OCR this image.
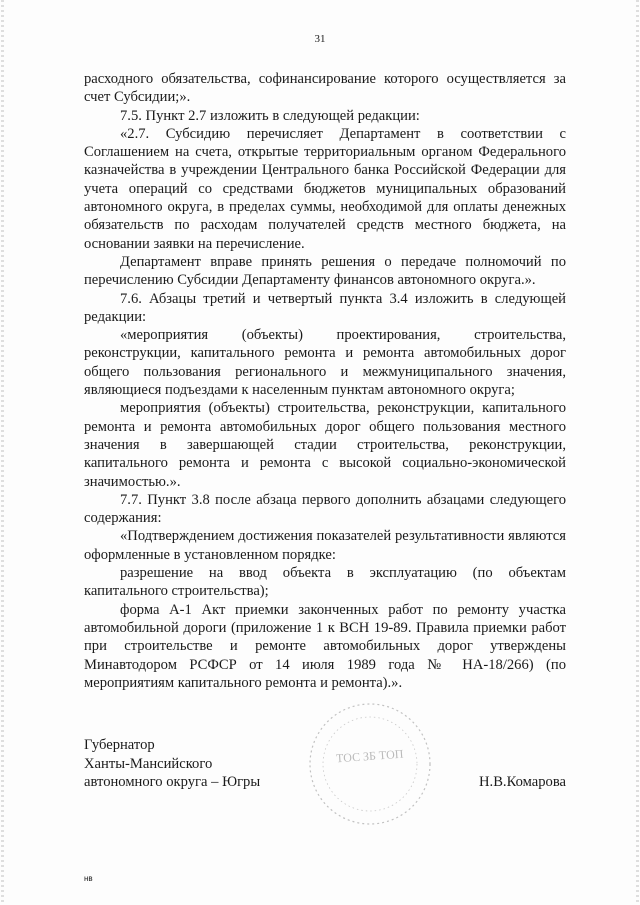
31

расходного обязательства, софинансирование которого осуществляется за счет Субсидии;».

7.5. Пункт 2.7 изложить в следующей редакции:

«2.7. Субсидию перечисляет Департамент в соответствии с Соглашением на счета, открытые территориальным органом Федерального казначейства в учреждении Центрального банка Российской Федерации для учета операций со средствами бюджетов муниципальных образований автономного округа, в пределах суммы, необходимой для оплаты денежных обязательств по расходам получателей средств местного бюджета, на основании заявки на перечисление.

Департамент вправе принять решения о передаче полномочий по перечислению Субсидии Департаменту финансов автономного округа.».

7.6. Абзацы третий и четвертый пункта 3.4 изложить в следующей редакции:

«мероприятия (объекты) проектирования, строительства, реконструкции, капитального ремонта и ремонта автомобильных дорог общего пользования регионального и межмуниципального значения, являющиеся подъездами к населенным пунктам автономного округа;

мероприятия (объекты) строительства, реконструкции, капитального ремонта и ремонта автомобильных дорог общего пользования местного значения в завершающей стадии строительства, реконструкции, капитального ремонта и ремонта с высокой социально-экономической значимостью.».

7.7. Пункт 3.8 после абзаца первого дополнить абзацами следующего содержания:

«Подтверждением достижения показателей результативности являются оформленные в установленном порядке:

разрешение на ввод объекта в эксплуатацию (по объектам капитального строительства);

форма А-1 Акт приемки законченных работ по ремонту участка автомобильной дороги (приложение 1 к ВСН 19-89. Правила приемки работ при строительстве и ремонте автомобильных дорог утверждены Минавтодором РСФСР от 14 июля 1989 года № НА-18/266) (по мероприятиям капитального ремонта и ремонта).».

ТОС ЗБ ТОП
Губернатор
Ханты-Мансийского
автономного округа – Югры	Н.В.Комарова
нв
